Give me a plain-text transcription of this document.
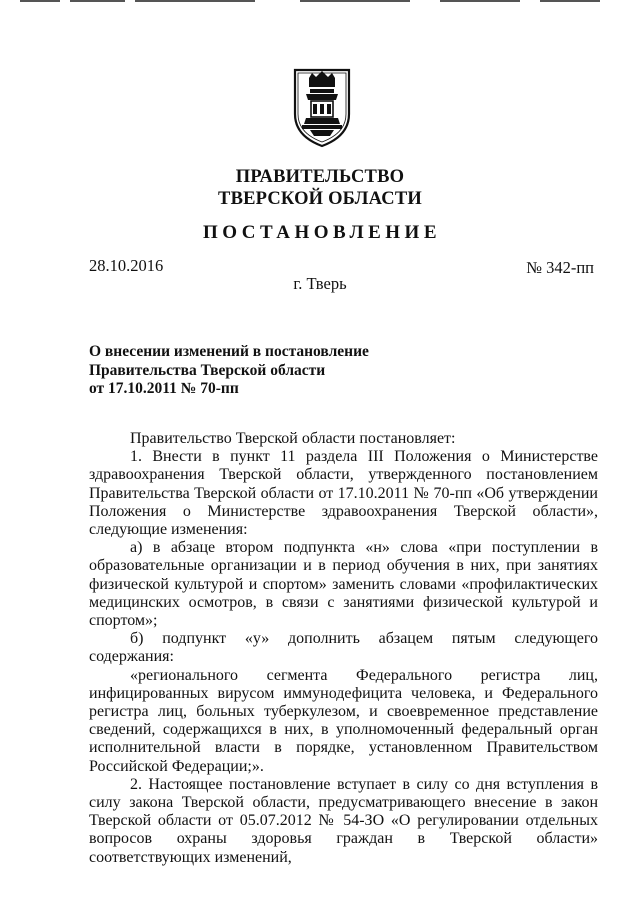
ПРАВИТЕЛЬСТВО
ТВЕРСКОЙ ОБЛАСТИ
ПОСТАНОВЛЕНИЕ
28.10.2016	№ 342-пп
г. Тверь
О внесении изменений в постановление
Правительства Тверской области
от 17.10.2011 № 70-пп

Правительство Тверской области постановляет:

1. Внести в пункт 11 раздела III Положения о Министерстве здравоохранения Тверской области, утвержденного постановлением Правительства Тверской области от 17.10.2011 № 70-пп «Об утверждении Положения о Министерстве здравоохранения Тверской области», следующие изменения:

а) в абзаце втором подпункта «н» слова «при поступлении в образовательные организации и в период обучения в них, при занятиях физической культурой и спортом» заменить словами «профилактических медицинских осмотров, в связи с занятиями физической культурой и спортом»;

б) подпункт «у» дополнить абзацем пятым следующего содержания:

«регионального сегмента Федерального регистра лиц, инфицированных вирусом иммунодефицита человека, и Федерального регистра лиц, больных туберкулезом, и своевременное представление сведений, содержащихся в них, в уполномоченный федеральный орган исполнительной власти в порядке, установленном Правительством Российской Федерации;».

2. Настоящее постановление вступает в силу со дня вступления в силу закона Тверской области, предусматривающего внесение в закон Тверской области от 05.07.2012 № 54-ЗО «О регулировании отдельных вопросов охраны здоровья граждан в Тверской области» соответствующих изменений,
